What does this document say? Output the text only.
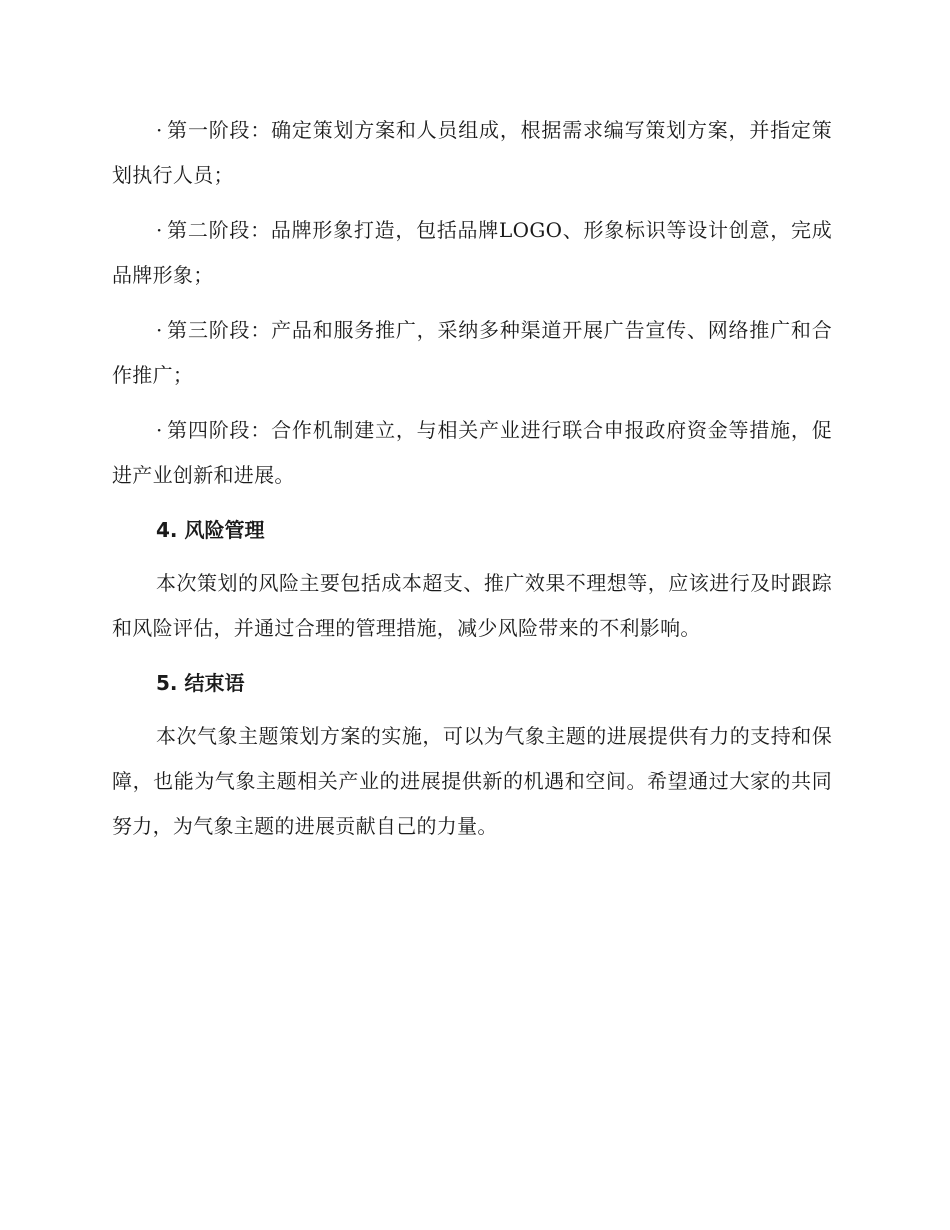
· 第一阶段：确定策划方案和人员组成，根据需求编写策划方案，并指定策划执行人员；

· 第二阶段：品牌形象打造，包括品牌LOGO、形象标识等设计创意，完成品牌形象；

· 第三阶段：产品和服务推广，采纳多种渠道开展广告宣传、网络推广和合作推广；

· 第四阶段：合作机制建立，与相关产业进行联合申报政府资金等措施，促进产业创新和进展。

4. 风险管理

本次策划的风险主要包括成本超支、推广效果不理想等，应该进行及时跟踪和风险评估，并通过合理的管理措施，减少风险带来的不利影响。

5. 结束语

本次气象主题策划方案的实施，可以为气象主题的进展提供有力的支持和保障，也能为气象主题相关产业的进展提供新的机遇和空间。希望通过大家的共同努力，为气象主题的进展贡献自己的力量。
